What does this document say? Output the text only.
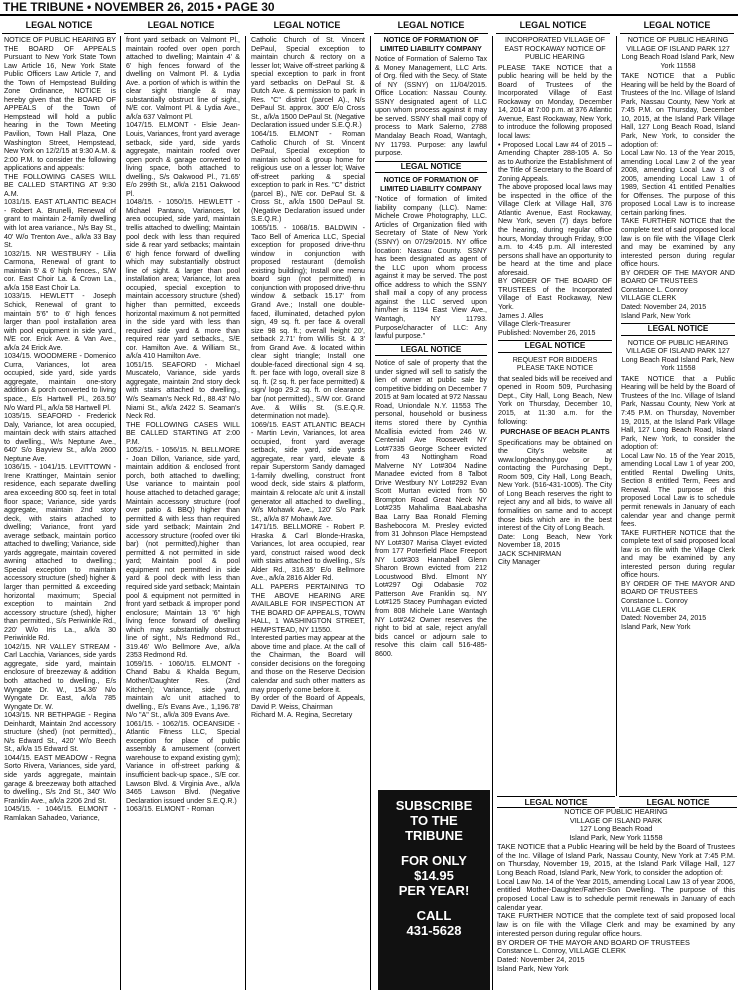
THE TRIBUNE • NOVEMBER 26, 2015 • PAGE 30
LEGAL NOTICE	LEGAL NOTICE	LEGAL NOTICE	LEGAL NOTICE	LEGAL NOTICE	LEGAL NOTICE

NOTICE OF PUBLIC HEARING BY THE BOARD OF APPEALS Pursuant to New York State Town Law Article 16, New York State Public Officers Law Article 7, and the Town of Hempstead Building Zone Ordinance, NOTICE is hereby given that the BOARD OF APPEALS of the Town of Hempstead will hold a public hearing in the Town Meeting Pavilion, Town Hall Plaza, One Washington Street, Hempstead, New York on 12/2/15 at 9:30 A.M. & 2:00 P.M. to consider the following applications and appeals:
THE FOLLOWING CASES WILL BE CALLED STARTING AT 9:30 A.M.
1031/15. EAST ATLANTIC BEACH - Robert A. Brunelli, Renewal of grant to maintain 2-family dwelling with lot area variance., N/s Bay St., 40' W/o Trenton Ave., a/k/a 33 Bay St.
1032/15. NR WESTBURY - Lilia Carmona, Renewal of grant to maintain 5' & 6' high fences., S/W cor. East Choir La. & Crown La., a/k/a 158 East Choir La.
1033/15. HEWLETT - Joseph Schick, Renewal of grant to maintain 5'6" to 6' high fences larger than pool installation area with pool equipment in side yard., N/E cor. Erick Ave. & Van Ave., a/k/a 24 Erick Ave.
1034/15. WOODMERE - Domenico Curra, Variances, lot area occupied, side yard, side yards aggregate, maintain one-story addition & porch converted to living space., E/s Hartwell Pl., 263.50' N/o Ward Pl., a/k/a 58 Hartwell Pl.
1035/15. SEAFORD - Frederick Daly, Variance, lot area occupied, maintain deck with stairs attached to dwelling., W/s Neptune Ave., 640' S/o Bayview St., a/k/a 2600 Neptune Ave.
1036/15. - 1041/15. LEVITTOWN - Irene Krattinger, Maintain senior residence, each separate dwelling area exceeding 800 sq. feet in total floor space; Variance, side yards aggregate, maintain 2nd story deck, with stairs attached to dwelling; Variance, front yard average setback, maintain portico attached to dwelling; Variance, side yards aggregate, maintain covered awning attached to dwelling.; Special exception to maintain accessory structure (shed) higher & larger than permitted & exceeding horizontal maximum; Special exception to maintain 2nd accessory structure (shed), higher than permitted., S/s Periwinkle Rd., 220' W/o Iris La., a/k/a 30 Periwinkle Rd.
1042/15. NR VALLEY STREAM - Carl Lacchia, Variances, side yards aggregate, side yard, maintain enclosure of breezeway & addition both attached to dwelling., E/s Wyngate Dr. W., 154.36' N/o Wyngate Dr. East, a/k/a 785 Wyngate Dr. W.
1043/15. NR BETHPAGE - Regina Deinhardt, Maintain 2nd accessory structure (shed) (not permitted)., N/s Edward St., 420' W/o Beech St., a/k/a 15 Edward St.
1044/15. EAST MEADOW - Regna Sorto Rivera, Variances, side yard, side yards aggregate, maintain garage & breezeway both attached to dwelling., S/s 2nd St., 340' W/o Franklin Ave., a/k/a 2206 2nd St.
1045/15. - 1046/15. ELMONT - Ramlakan Sahadeo, Variance,

front yard setback on Valmont Pl., maintain roofed over open porch attached to dwelling; Maintain 4' & 6' high fences forward of the dwelling on Valmont Pl. & Lydia Ave. a portion of which is within the clear sight triangle & may substantially obstruct line of sight., N/E cor. Valmont Pl. & Lydia Ave., a/k/a 637 Valmont Pl.
1047/15. ELMONT - Elsie Jean-Louis, Variances, front yard average setback, side yard, side yards aggregate, maintain roofed over open porch & garage converted to living space, both attached to dwelling., S/s Oakwood Pl., 71.65' E/o 299th St., a/k/a 2151 Oakwood Pl.
1048/15. - 1050/15. HEWLETT - Michael Pantano, Variances, lot area occupied, side yard, maintain trellis attached to dwelling; Maintain pool deck with less than required side & rear yard setbacks; maintain 6' high fence forward of dwelling which may substantially obstruct line of sight. & larger than pool installation area; Variance, lot area occupied, special exception to maintain accessory structure (shed) higher than permitted, exceeds horizontal maximum & not permitted in the side yard with less than required side yard & more than required rear yard setbacks., S/E cor. Hamilton Ave. & William St., a/k/a 410 Hamilton Ave.
1051/15. SEAFORD - Michael Muscatelo, Variance, side yards aggregate, maintain 2nd story deck with stairs attached to dwelling., W/s Seaman's Neck Rd., 88.43' N/o Niami St., a/k/a 2422 S. Seaman's Neck Rd.
THE FOLLOWING CASES WILL BE CALLED STARTING AT 2:00 P.M.
1052/15. - 1056/15. N. BELLMORE - Joan Dillon, Variance, side yard, maintain addition & enclosed front porch, both attached to dwelling; Use variance to maintain pool house attached to detached garage; Maintain accessory structure (roof over patio & BBQ) higher than permitted & with less than required side yard setback; Maintain 2nd accessory structure (roofed over tiki bar) (not permitted),higher than permitted & not permitted in side yard; Maintain pool & pool equipment not permitted in side yard & pool deck with less than required side yard setback; Maintain pool & equipment not permitted in front yard setback & improper pond enclosure; Maintain 13 '6" high living fence forward of dwelling which may substantially obstruct line of sight., N/s Redmond Rd., 319.46' W/o Bellmore Ave, a/k/a 2353 Redmond Rd.
1059/15. - 1060/15. ELMONT - Chand Babu & Khalda Begum, Mother/Daughter Res. (2nd Kitchen); Variance, side yard, maintain a/c unit attached to dwelling., E/s Evans Ave., 1,196.78' N/o "A" St., a/k/a 309 Evans Ave.
1061/15. - 1062/15. OCEANSIDE - Atlantic Fitness LLC, Special exception for place of public assembly & amusement (convert warehouse to expand existing gym); Variance in off-street parking & insufficient back-up space., S/E cor. Lawson Blvd. & Virginia Ave., a/k/a 3465 Lawson Blvd. (Negative Declaration issued under S.E.Q.R.)
1063/15. ELMONT - Roman

Catholic Church of St. Vincent DePaul, Special exception to maintain church & rectory on a lesser lot; Waive off-street parking & special exception to park in front yard setbacks on DePaul St. & Dutch Ave. & permission to park in Res. "C" district (parcel A)., N/s DePaul St. approx. 300' E/o Cross St., a/k/a 1500 DePaul St. (Negative Declaration issued under S.E.Q.R.)
1064/15. ELMONT - Roman Catholic Church of St. Vincent DePaul, Special exception to maintain school & group home for religious use on a lesser lot; Waive off-street parking & special exception to park in Res. "C" district (parcel B)., N/E cor. DePaul St. & Cross St., a/k/a 1500 DePaul St. (Negative Declaration issued under S.E.Q.R.)
1065/15. - 1068/15. BALDWIN - Taco Bell of America LLC, Special exception for proposed drive-thru window in conjunction with proposed restaurant (demolish existing building); Install one menu board sign (not permitted) in conjunction with proposed drive-thru window & setback 15.17' from Grand Ave.; Install one double-faced, illuminated, detached pylon sign, 49 sq. ft. per face & overall size 98 sq. ft.; overall height 20', setback 2.71' from Willis St. & 3' from Grand Ave. & located within clear sight triangle; Install one double-faced directional sign 4 sq. ft. per face with logo, overall size 8 sq. ft. (2 sq. ft. per face permitted) & sign/ logo 29.2 sq. ft. on clearance bar (not permitted)., S/W cor. Grand Ave. & Willis St. (S.E.Q.R. determination not made).
1069/15. EAST ATLANTIC BEACH - Martin Levin, Variances, lot area occupied, front yard average setback, side yard, side yards aggregate, rear yard, elevate & repair Superstorm Sandy damaged 1-family dwelling, construct front wood deck, side stairs & platform, maintain & relocate a/c unit & install generator all attached to dwelling., W/s Mohawk Ave., 120' S/o Park St., a/k/a 87 Mohawk Ave.
1471/15. BELLMORE - Robert P. Hraska & Carl Blonde-Hraska, Variances, lot area occupied, rear yard, construct raised wood deck with stairs attached to dwelling., S/s Alder Rd., 316.35' E/o Bellmore Ave., a/k/a 2816 Alder Rd.
ALL PAPERS PERTAINING TO THE ABOVE HEARING ARE AVAILABLE FOR INSPECTION AT THE BOARD OF APPEALS, TOWN HALL, 1 WASHINGTON STREET, HEMPSTEAD, NY 11550.
Interested parties may appear at the above time and place. At the call of the Chairman, the Board will consider decisions on the foregoing and those on the Reserve Decision calendar and such other matters as may properly come before it.
By order of the Board of Appeals, David P. Weiss, Chairman
Richard M. A. Regina, Secretary

NOTICE OF FORMATION OF LIMITED LIABILITY COMPANY

Notice of Formation of Salerno Tax & Money Management, LLC Arts. of Org. filed with the Secy. of State of NY (SSNY) on 11/04/2015. Office Location: Nassau County. SSNY designated agent of LLC upon whom process against it may be served. SSNY shall mail copy of process to Mark Salerno, 2788 Mandalay Beach Road, Wantagh, NY 11793. Purpose: any lawful purpose.

LEGAL NOTICE

NOTICE OF FORMATION OF LIMITED LIABILITY COMPANY

"Notice of formation of limited liability company (LLC). Name: Michele Crowe Photography, LLC. Articles of Organization filed with Secretary of State of New York (SSNY) on 07/29/2015. NY office location: Nassau County. SSNY has been designated as agent of the LLC upon whom process against it may be served. The post office address to which the SSNY shall mail a copy of any process against the LLC served upon him/her is 1194 East View Ave., Wantagh, NY 11793. Purpose/character of LLC: Any lawful purpose."

LEGAL NOTICE

Notice of sale of property that the under signed will sell to satisfy the lien of owner at public sale by competitive bidding on December 7 2015 at 9am located at 972 Nassau Road, Uniondale N.Y. 11553 The personal, household or business items stored there by Cynthia Mcallisia evicted from 246 W. Centenial Ave Roosevelt NY Lot#7335 George Scheer evicted from 43 Nottingham Road Malverne NY Lot#304 Nadine Manadee evicted from 8 Talbot Drive Westbury NY Lot#292 Evan Scott Murtan evicted from 50 Brompton Road Great Neck NY Lot#235 Mahalima BaaLabasha Baa Larry Baa Ronald Fleming Bashebocora M. Presley evicted from 31 Johnson Place Hempstead NY Lot#307 Marisa Clayet evicted from 177 Poterfield Place Freeport NY Lot#303 Hannabell Glenn Sharon Brown evicted from 212 Locustwood Blvd. Elmont NY Lot#297 Ogi Odabasie 702 Patterson Ave Franklin sq. NY Lot#125 Stacey Pumhagan evicted from 808 Michele Lane Wantagh NY Lot#242 Owner reserves the right to bid at sale, reject any/all bids cancel or adjourn sale to resolve this claim call 516-485-8600.

INCORPORATED VILLAGE OF EAST ROCKAWAY NOTICE OF PUBLIC HEARING

PLEASE TAKE NOTICE that a public hearing will be held by the Board of Trustees of the Incorporated Village of East Rockaway on Monday, December 14, 2014 at 7:00 p.m. at 376 Atlantic Avenue, East Rockaway, New York, to introduce the following proposed local laws:
• Proposed Local Law #4 of 2015 – Amending Chapter 288-105 A. So as to Authorize the Establishment of the Title of Secretary to the Board of Zoning Appeals.
The above proposed local laws may be inspected in the office of the Village Clerk at Village Hall, 376 Atlantic Avenue, East Rockaway, New York, seven (7) days before the hearing, during regular office hours, Monday through Friday, 9:00 a.m. to 4:45 p.m. All interested persons shall have an opportunity to be heard at the time and place aforesaid.
BY ORDER OF THE BOARD OF TRUSTEES of the Incorporated Village of East Rockaway, New York.
James J. Alles
Village Clerk-Treasurer
Published: November 26, 2015

LEGAL NOTICE

REQUEST FOR BIDDERS PLEASE TAKE NOTICE

that sealed bids will be received and opened in Room 509, Purchasing Dept., City Hall, Long Beach, New York on Thursday, December 10, 2015, at 11:30 a.m. for the following:

PURCHASE OF BEACH PLANTS

Specifications may be obtained on the City's website at www.longbeachny.gov or by contacting the Purchasing Dept., Room 509, City Hall, Long Beach, New York. (516-431-1005). The City of Long Beach reserves the right to reject any and all bids, to waive all formalities on same and to accept those bids which are in the best interest of the City of Long Beach.
Date: Long Beach, New York November 18, 2015
JACK SCHNIRMAN
City Manager

NOTICE OF PUBLIC HEARING VILLAGE OF ISLAND PARK 127 Long Beach Road Island Park, New York 11558

TAKE NOTICE that a Public Hearing will be held by the Board of Trustees of the Inc. Village of Island Park, Nassau County, New York at 7:45 P.M. on Thursday, December 10, 2015, at the Island Park Village Hall, 127 Long Beach Road, Island Park, New York, to consider the adoption of:
Local Law No. 13 of the Year 2015, amending Local Law 2 of the year 2008, amending Local Law 3 of 2005, amending Local Law 1 of 1989, Section 41 entitled Penalties for Offenses. The purpose of this proposed Local Law is to increase certain parking fines.
TAKE FURTHER NOTICE that the complete text of said proposed local law is on file with the Village Clerk and may be examined by any interested person during regular office hours.
BY ORDER OF THE MAYOR AND BOARD OF TRUSTEES
Constance L. Conroy
VILLAGE CLERK
Dated: November 24, 2015
Island Park, New York

LEGAL NOTICE

NOTICE OF PUBLIC HEARING VILLAGE OF ISLAND PARK 127 Long Beach Road Island Park, New York 11558

TAKE NOTICE that a Public Hearing will be held by the Board of Trustees of the Inc. Village of Island Park, Nassau County, New York at 7:45 P.M. on Thursday, November 19, 2015, at the Island Park Village Hall, 127 Long Beach Road, Island Park, New York, to consider the adoption of:
Local Law No. 15 of the Year 2015, amending Local Law 1 of year 200, entitled Rental Dwelling Units, Section 8 entitled Term, Fees and Renewal. The purpose of this proposed Local Law is to schedule permit renewals in January of each calendar year and change permit fees.
TAKE FURTHER NOTICE that the complete text of said proposed local law is on file with the Village Clerk and may be examined by any interested person during regular office hours.
BY ORDER OF THE MAYOR AND BOARD OF TRUSTEES
Constance L. Conroy
VILLAGE CLERK
Dated: November 24, 2015
Island Park, New York

SUBSCRIBE
TO THE
TRIBUNE
FOR ONLY
$14.95
PER YEAR!
CALL
431-5628
LEGAL NOTICE	LEGAL NOTICE

NOTICE OF PUBLIC HEARING
VILLAGE OF ISLAND PARK
127 Long Beach Road
Island Park, New York 11558

TAKE NOTICE that a Public Hearing will be held by the Board of Trustees of the Inc. Village of Island Park, Nassau County, New York at 7:45 P.M. on Thursday, November 19, 2015, at the Island Park Village Hall, 127 Long Beach Road, Island Park, New York, to consider the adoption of:
Local Law No. 14 of the Year 2015, amending Local Law 13 of year 2006, entitled Mother-Daughter/Father-Son Dwelling. The purpose of this proposed Local Law is to schedule permit renewals in January of each calendar year.
TAKE FURTHER NOTICE that the complete text of said proposed local law is on file with the Village Clerk and may be examined by any interested person during regular office hours.
BY ORDER OF THE MAYOR AND BOARD OF TRUSTEES
Constance L. Conroy, VILLAGE CLERK
Dated: November 24, 2015
Island Park, New York
